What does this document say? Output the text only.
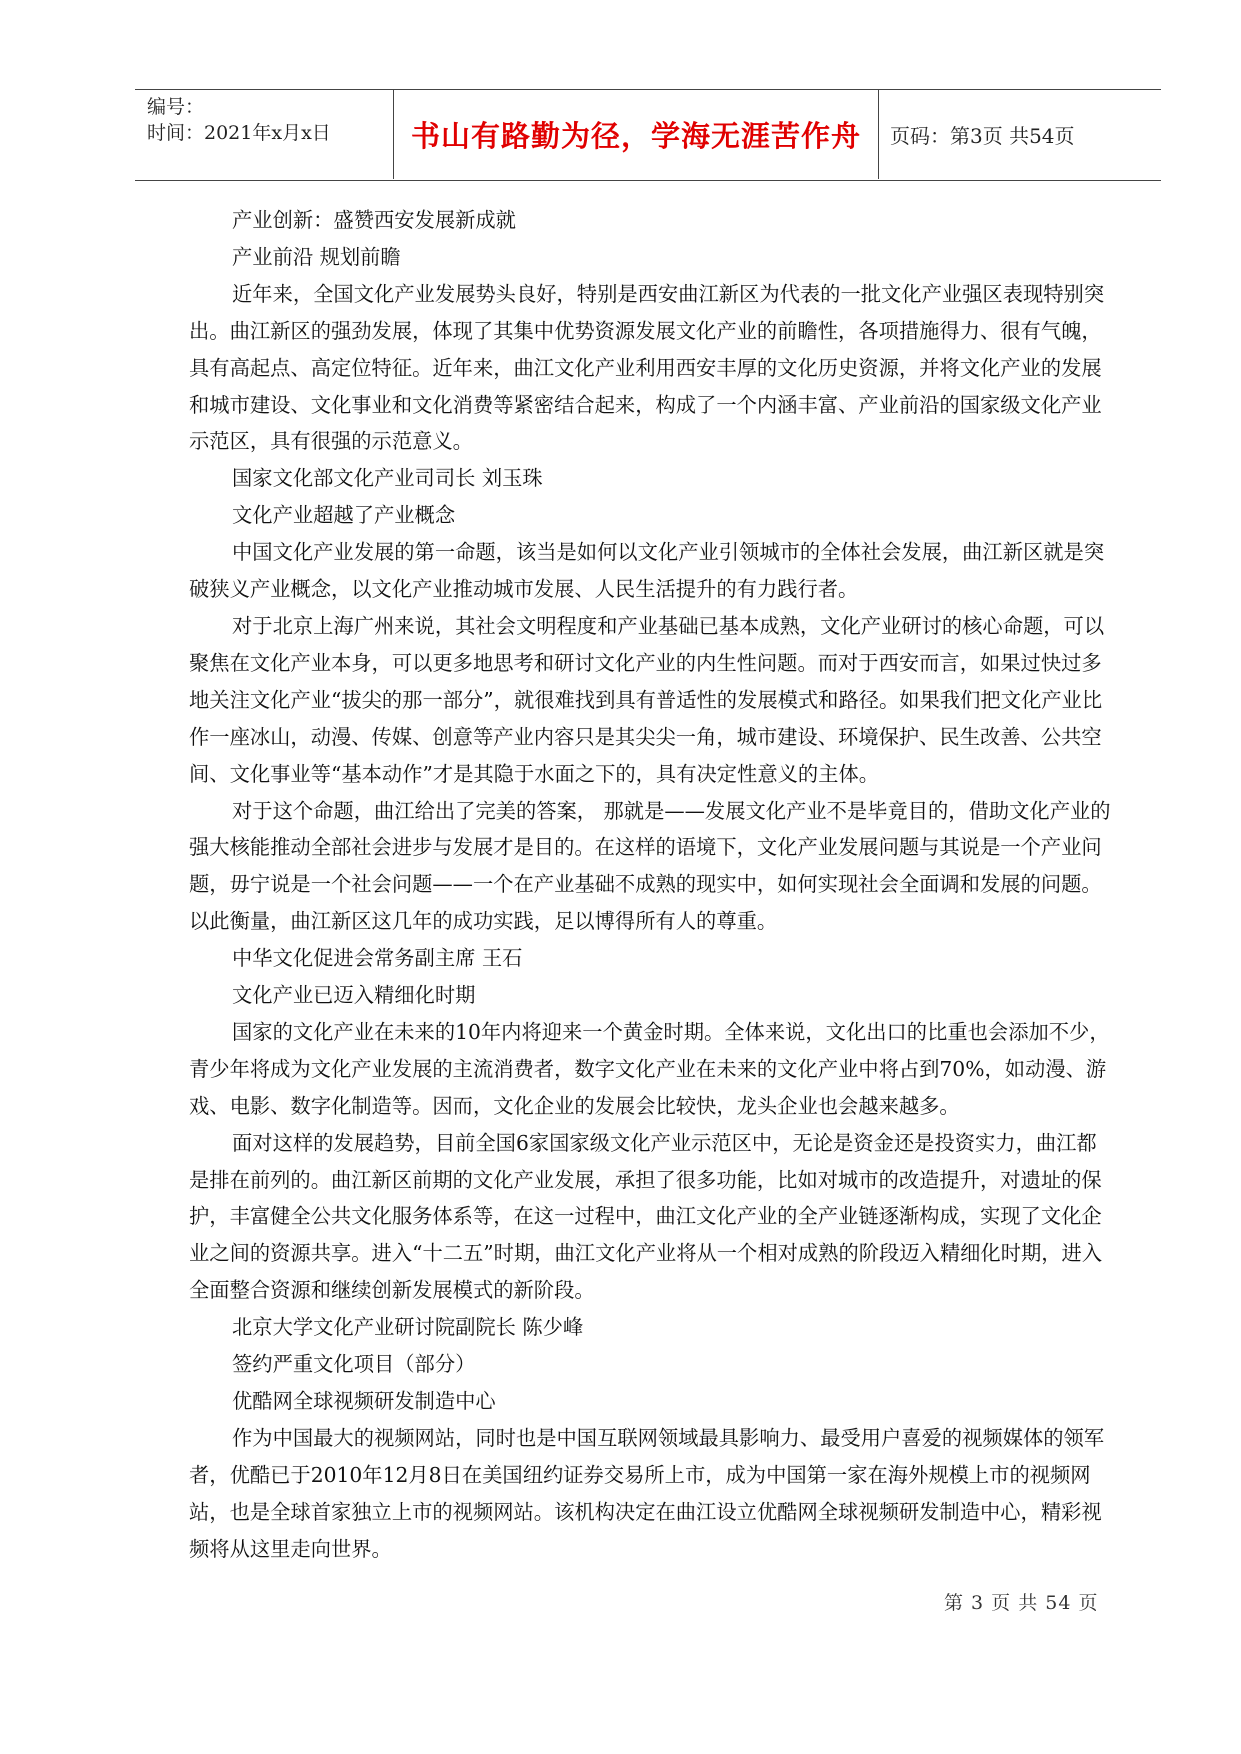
编号：
时间：2021年x月x日	书山有路勤为径，学海无涯苦作舟	页码：第3页 共54页

产业创新：盛赞西安发展新成就

产业前沿 规划前瞻

近年来，全国文化产业发展势头良好，特别是西安曲江新区为代表的一批文化产业强区表现特别突出。曲江新区的强劲发展，体现了其集中优势资源发展文化产业的前瞻性，各项措施得力、很有气魄，具有高起点、高定位特征。近年来，曲江文化产业利用西安丰厚的文化历史资源，并将文化产业的发展和城市建设、文化事业和文化消费等紧密结合起来，构成了一个内涵丰富、产业前沿的国家级文化产业示范区，具有很强的示范意义。

国家文化部文化产业司司长 刘玉珠

文化产业超越了产业概念

中国文化产业发展的第一命题，该当是如何以文化产业引领城市的全体社会发展，曲江新区就是突破狭义产业概念，以文化产业推动城市发展、人民生活提升的有力践行者。

对于北京上海广州来说，其社会文明程度和产业基础已基本成熟，文化产业研讨的核心命题，可以聚焦在文化产业本身，可以更多地思考和研讨文化产业的内生性问题。而对于西安而言，如果过快过多地关注文化产业“拔尖的那一部分”，就很难找到具有普适性的发展模式和路径。如果我们把文化产业比作一座冰山，动漫、传媒、创意等产业内容只是其尖尖一角，城市建设、环境保护、民生改善、公共空间、文化事业等“基本动作”才是其隐于水面之下的，具有决定性意义的主体。

对于这个命题，曲江给出了完美的答案， 那就是——发展文化产业不是毕竟目的，借助文化产业的强大核能推动全部社会进步与发展才是目的。在这样的语境下，文化产业发展问题与其说是一个产业问题，毋宁说是一个社会问题——一个在产业基础不成熟的现实中，如何实现社会全面调和发展的问题。以此衡量，曲江新区这几年的成功实践，足以博得所有人的尊重。

中华文化促进会常务副主席 王石

文化产业已迈入精细化时期

国家的文化产业在未来的10年内将迎来一个黄金时期。全体来说，文化出口的比重也会添加不少，青少年将成为文化产业发展的主流消费者，数字文化产业在未来的文化产业中将占到70%，如动漫、游戏、电影、数字化制造等。因而，文化企业的发展会比较快，龙头企业也会越来越多。

面对这样的发展趋势，目前全国6家国家级文化产业示范区中，无论是资金还是投资实力，曲江都是排在前列的。曲江新区前期的文化产业发展，承担了很多功能，比如对城市的改造提升，对遗址的保护，丰富健全公共文化服务体系等，在这一过程中，曲江文化产业的全产业链逐渐构成，实现了文化企业之间的资源共享。进入“十二五”时期，曲江文化产业将从一个相对成熟的阶段迈入精细化时期，进入全面整合资源和继续创新发展模式的新阶段。

北京大学文化产业研讨院副院长 陈少峰

签约严重文化项目（部分）

优酷网全球视频研发制造中心

作为中国最大的视频网站，同时也是中国互联网领域最具影响力、最受用户喜爱的视频媒体的领军者，优酷已于2010年12月8日在美国纽约证券交易所上市，成为中国第一家在海外规模上市的视频网站，也是全球首家独立上市的视频网站。该机构决定在曲江设立优酷网全球视频研发制造中心，精彩视频将从这里走向世界。

第 3 页 共 54 页
